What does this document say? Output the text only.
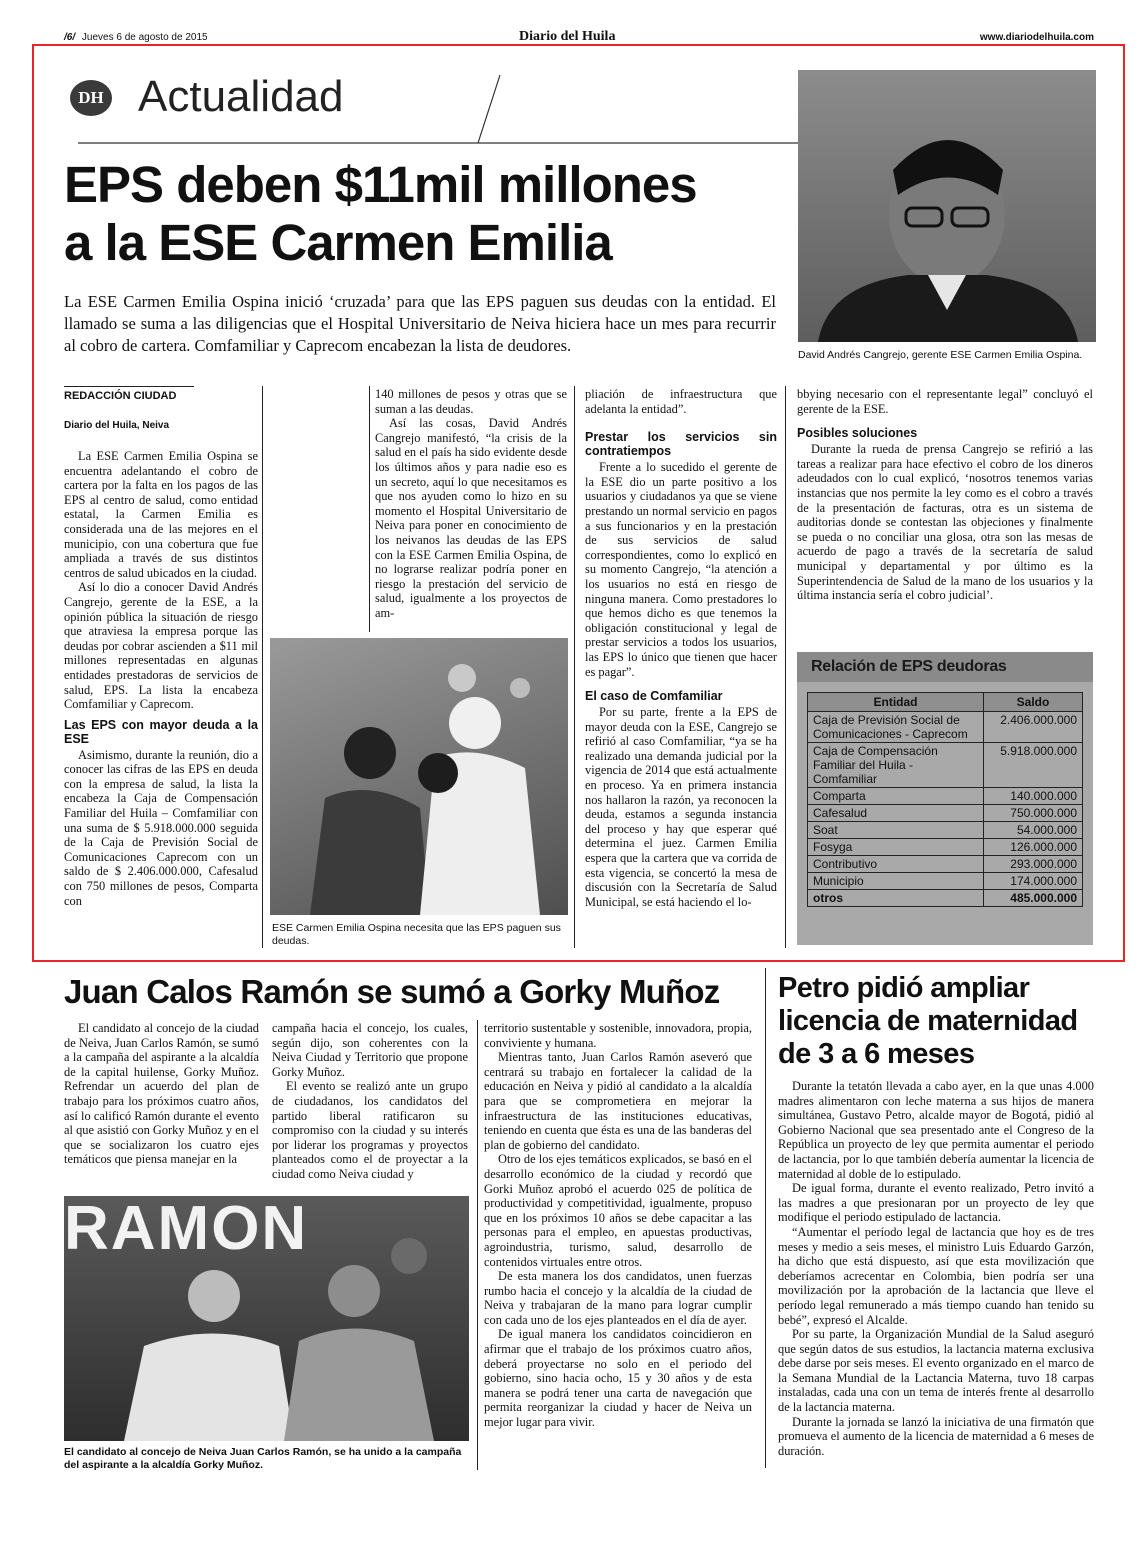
/6/ Jueves 6 de agosto de 2015	Diario del Huila	www.diariodelhuila.com
DH Actualidad
EPS deben $11mil millones
a la ESE Carmen Emilia
La ESE Carmen Emilia Ospina inició ‘cruzada’ para que las EPS paguen sus deudas con la entidad. El llamado se suma a las diligencias que el Hospital Universitario de Neiva hiciera hace un mes para recurrir al cobro de cartera. Comfamiliar y Caprecom encabezan la lista de deudores.	David Andrés Cangrejo, gerente ESE Carmen Emilia Ospina.
REDACCIÓN CIUDAD
Diario del Huila, Neiva

La ESE Carmen Emilia Ospina se encuentra adelantando el cobro de cartera por la falta en los pagos de las EPS al centro de salud, como entidad estatal, la Carmen Emilia es considerada una de las mejores en el municipio, con una cobertura que fue ampliada a través de sus distintos centros de salud ubicados en la ciudad.

Así lo dio a conocer David Andrés Cangrejo, gerente de la ESE, a la opinión pública la situación de riesgo que atraviesa la empresa porque las deudas por cobrar ascienden a $11 mil millones representadas en algunas entidades prestadoras de servicios de salud, EPS. La lista la encabeza Comfamiliar y Caprecom.

Las EPS con mayor deuda a la ESE

Asimismo, durante la reunión, dio a conocer las cifras de las EPS en deuda con la empresa de salud, la lista la encabeza la Caja de Compensación Familiar del Huila – Comfamiliar con una suma de $ 5.918.000.000 seguida de la Caja de Previsión Social de Comunicaciones Caprecom con un saldo de $ 2.406.000.000, Cafesalud con 750 millones de pesos, Comparta con

140 millones de pesos y otras que se suman a las deudas.

Así las cosas, David Andrés Cangrejo manifestó, “la crisis de la salud en el país ha sido evidente desde los últimos años y para nadie eso es un secreto, aquí lo que necesitamos es que nos ayuden como lo hizo en su momento el Hospital Universitario de Neiva para poner en conocimiento de los neivanos las deudas de las EPS con la ESE Carmen Emilia Ospina, de no lograrse realizar podría poner en riesgo la prestación del servicio de salud, igualmente a los proyectos de am-

ESE Carmen Emilia Ospina necesita que las EPS paguen sus deudas.

pliación de infraestructura que adelanta la entidad”.

Prestar los servicios sin contratiempos

Frente a lo sucedido el gerente de la ESE dio un parte positivo a los usuarios y ciudadanos ya que se viene prestando un normal servicio en pagos a sus funcionarios y en la prestación de sus servicios de salud correspondientes, como lo explicó en su momento Cangrejo, “la atención a los usuarios no está en riesgo de ninguna manera. Como prestadores lo que hemos dicho es que tenemos la obligación constitucional y legal de prestar servicios a todos los usuarios, las EPS lo único que tienen que hacer es pagar”.

El caso de Comfamiliar

Por su parte, frente a la EPS de mayor deuda con la ESE, Cangrejo se refirió al caso Comfamiliar, “ya se ha realizado una demanda judicial por la vigencia de 2014 que está actualmente en proceso. Ya en primera instancia nos hallaron la razón, ya reconocen la deuda, estamos a segunda instancia del proceso y hay que esperar qué determina el juez. Carmen Emilia espera que la cartera que va corrida de esta vigencia, se concertó la mesa de discusión con la Secretaría de Salud Municipal, se está haciendo el lo-

bbying necesario con el representante legal” concluyó el gerente de la ESE.

Posibles soluciones

Durante la rueda de prensa Cangrejo se refirió a las tareas a realizar para hace efectivo el cobro de los dineros adeudados con lo cual explicó, ‘nosotros tenemos varias instancias que nos permite la ley como es el cobro a través de la presentación de facturas, otra es un sistema de auditorias donde se contestan las objeciones y finalmente se pueda o no conciliar una glosa, otra son las mesas de acuerdo de pago a través de la secretaría de salud municipal y departamental y por último es la Superintendencia de Salud de la mano de los usuarios y la última instancia sería el cobro judicial’.

Relación de EPS deudoras
Entidad	Saldo
Caja de Previsión Social de Comunicaciones - Caprecom	2.406.000.000
Caja de Compensación Familiar del Huila - Comfamiliar	5.918.000.000
Comparta	140.000.000
Cafesalud	750.000.000
Soat	54.000.000
Fosyga	126.000.000
Contributivo	293.000.000
Municipio	174.000.000
otros	485.000.000
Juan Calos Ramón se sumó a Gorky Muñoz

El candidato al concejo de la ciudad de Neiva, Juan Carlos Ramón, se sumó a la campaña del aspirante a la alcaldía de la capital huilense, Gorky Muñoz. Refrendar un acuerdo del plan de trabajo para los próximos cuatro años, así lo calificó Ramón durante el evento al que asistió con Gorky Muñoz y en el que se socializaron los cuatro ejes temáticos que piensa manejar en la

campaña hacia el concejo, los cuales, según dijo, son coherentes con la Neiva Ciudad y Territorio que propone Gorky Muñoz.

El evento se realizó ante un grupo de ciudadanos, los candidatos del partido liberal ratificaron su compromiso con la ciudad y su interés por liderar los programas y proyectos planteados como el de proyectar a la ciudad como Neiva ciudad y

territorio sustentable y sostenible, innovadora, propia, conviviente y humana.

Mientras tanto, Juan Carlos Ramón aseveró que centrará su trabajo en fortalecer la calidad de la educación en Neiva y pidió al candidato a la alcaldía para que se comprometiera en mejorar la infraestructura de las instituciones educativas, teniendo en cuenta que ésta es una de las banderas del plan de gobierno del candidato.

Otro de los ejes temáticos explicados, se basó en el desarrollo económico de la ciudad y recordó que Gorki Muñoz aprobó el acuerdo 025 de política de productividad y competitividad, igualmente, propuso que en los próximos 10 años se debe capacitar a las personas para el empleo, en apuestas productivas, agroindustria, turismo, salud, desarrollo de contenidos virtuales entre otros.

De esta manera los dos candidatos, unen fuerzas rumbo hacia el concejo y la alcaldía de la ciudad de Neiva y trabajaran de la mano para lograr cumplir con cada uno de los ejes planteados en el día de ayer.

De igual manera los candidatos coincidieron en afirmar que el trabajo de los próximos cuatro años, deberá proyectarse no solo en el periodo del gobierno, sino hacia ocho, 15 y 30 años y de esta manera se podrá tener una carta de navegación que permita reorganizar la ciudad y hacer de Neiva un mejor lugar para vivir.

RAMON
El candidato al concejo de Neiva Juan Carlos Ramón, se ha unido a la campaña del aspirante a la alcaldía Gorky Muñoz.
Petro pidió ampliar
licencia de maternidad
de 3 a 6 meses

Durante la tetatón llevada a cabo ayer, en la que unas 4.000 madres alimentaron con leche materna a sus hijos de manera simultánea, Gustavo Petro, alcalde mayor de Bogotá, pidió al Gobierno Nacional que sea presentado ante el Congreso de la República un proyecto de ley que permita aumentar el periodo de lactancia, por lo que también debería aumentar la licencia de maternidad al doble de lo estipulado.

De igual forma, durante el evento realizado, Petro invitó a las madres a que presionaran por un proyecto de ley que modifique el periodo estipulado de lactancia.

“Aumentar el período legal de lactancia que hoy es de tres meses y medio a seis meses, el ministro Luis Eduardo Garzón, ha dicho que está dispuesto, así que esta movilización que deberíamos acrecentar en Colombia, bien podría ser una movilización por la aprobación de la lactancia que lleve el período legal remunerado a más tiempo cuando han tenido su bebé”, expresó el Alcalde.

Por su parte, la Organización Mundial de la Salud aseguró que según datos de sus estudios, la lactancia materna exclusiva debe darse por seis meses. El evento organizado en el marco de la Semana Mundial de la Lactancia Materna, tuvo 18 carpas instaladas, cada una con un tema de interés frente al desarrollo de la lactancia materna.

Durante la jornada se lanzó la iniciativa de una firmatón que promueva el aumento de la licencia de maternidad a 6 meses de duración.
